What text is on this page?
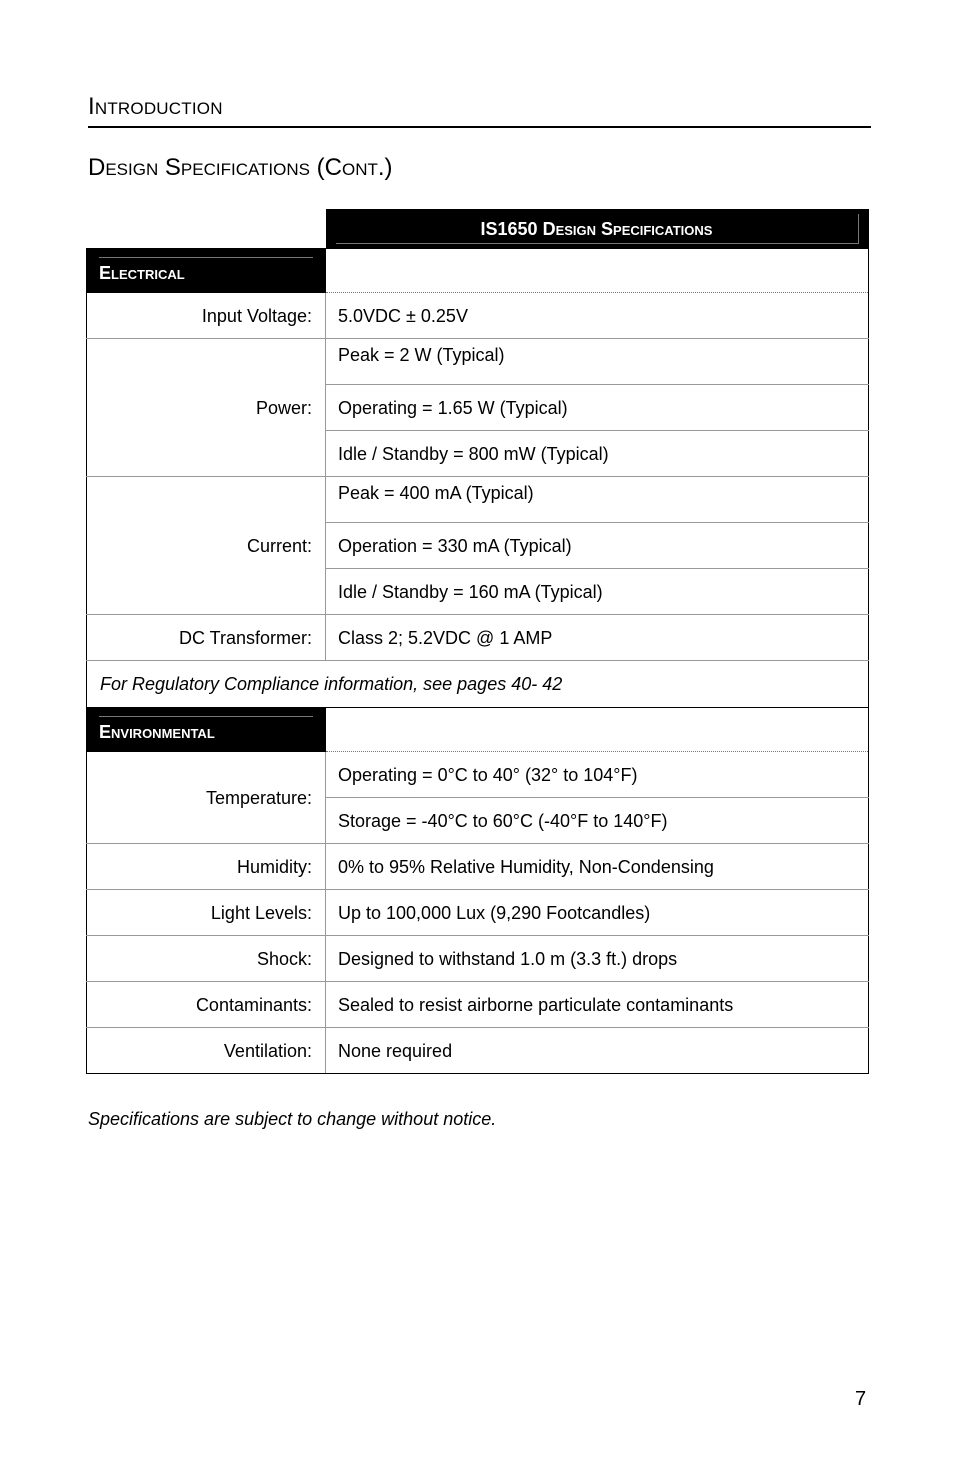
Introduction
Design Specifications (Cont.)

	IS1650 Design Specifications

Electrical	

Input Voltage:	5.0VDC ± 0.25V
Power:	Peak = 2 W (Typical)
	Operating = 1.65 W (Typical)
	Idle / Standby = 800 mW (Typical)
Current:	Peak = 400 mA (Typical)
	Operation = 330 mA (Typical)
	Idle / Standby = 160 mA (Typical)
DC Transformer:	Class 2; 5.2VDC @ 1 AMP
For Regulatory Compliance information, see pages 40- 42	

Environmental	

Temperature:	Operating = 0°C to 40° (32° to 104°F)
	Storage = -40°C to 60°C (-40°F to 140°F)
Humidity:	0% to 95% Relative Humidity, Non-Condensing
Light Levels:	Up to 100,000 Lux (9,290 Footcandles)
Shock:	Designed to withstand 1.0 m (3.3 ft.) drops
Contaminants:	Sealed to resist airborne particulate contaminants
Ventilation:	None required
Specifications are subject to change without notice.
7
